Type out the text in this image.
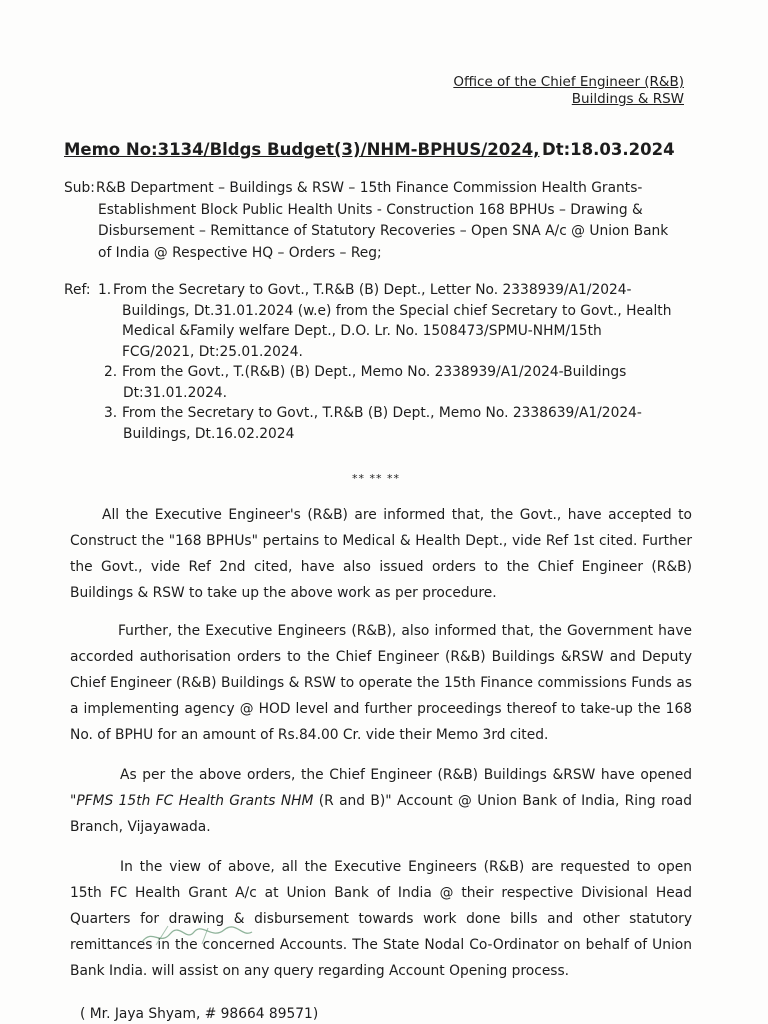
Office of the Chief Engineer (R&B)
Buildings & RSW
Memo No:3134/Bldgs Budget(3)/NHM-BPHUS/2024, Dt:18.03.2024
Sub: R&B Department – Buildings & RSW – 15th Finance Commission Health Grants-
Establishment Block Public Health Units - Construction 168 BPHUs – Drawing &
Disbursement – Remittance of Statutory Recoveries – Open SNA A/c @ Union Bank
of India @ Respective HQ – Orders – Reg;
Ref: 1. From the Secretary to Govt., T.R&B (B) Dept., Letter No. 2338939/A1/2024-
Buildings, Dt.31.01.2024 (w.e) from the Special chief Secretary to Govt., Health
Medical &Family welfare Dept., D.O. Lr. No. 1508473/SPMU-NHM/15th
FCG/2021, Dt:25.01.2024.
2. From the Govt., T.(R&B) (B) Dept., Memo No. 2338939/A1/2024-Buildings
Dt:31.01.2024.
3. From the Secretary to Govt., T.R&B (B) Dept., Memo No. 2338639/A1/2024-
Buildings, Dt.16.02.2024
** ** **
All the Executive Engineer's (R&B) are informed that, the Govt., have accepted to Construct the "168 BPHUs" pertains to Medical & Health Dept., vide Ref 1st cited. Further the Govt., vide Ref 2nd cited, have also issued orders to the Chief Engineer (R&B) Buildings & RSW to take up the above work as per procedure.
Further, the Executive Engineers (R&B), also informed that, the Government have accorded authorisation orders to the Chief Engineer (R&B) Buildings &RSW and Deputy Chief Engineer (R&B) Buildings & RSW to operate the 15th Finance commissions Funds as a implementing agency @ HOD level and further proceedings thereof to take-up the 168 No. of BPHU for an amount of Rs.84.00 Cr. vide their Memo 3rd cited.
As per the above orders, the Chief Engineer (R&B) Buildings &RSW have opened "PFMS 15th FC Health Grants NHM (R and B)" Account @ Union Bank of India, Ring road Branch, Vijayawada.
In the view of above, all the Executive Engineers (R&B) are requested to open 15th FC Health Grant A/c at Union Bank of India @ their respective Divisional Head Quarters for drawing & disbursement towards work done bills and other statutory remittances in the concerned Accounts. The State Nodal Co-Ordinator on behalf of Union Bank India. will assist on any query regarding Account Opening process.
( Mr. Jaya Shyam, # 98664 89571)
